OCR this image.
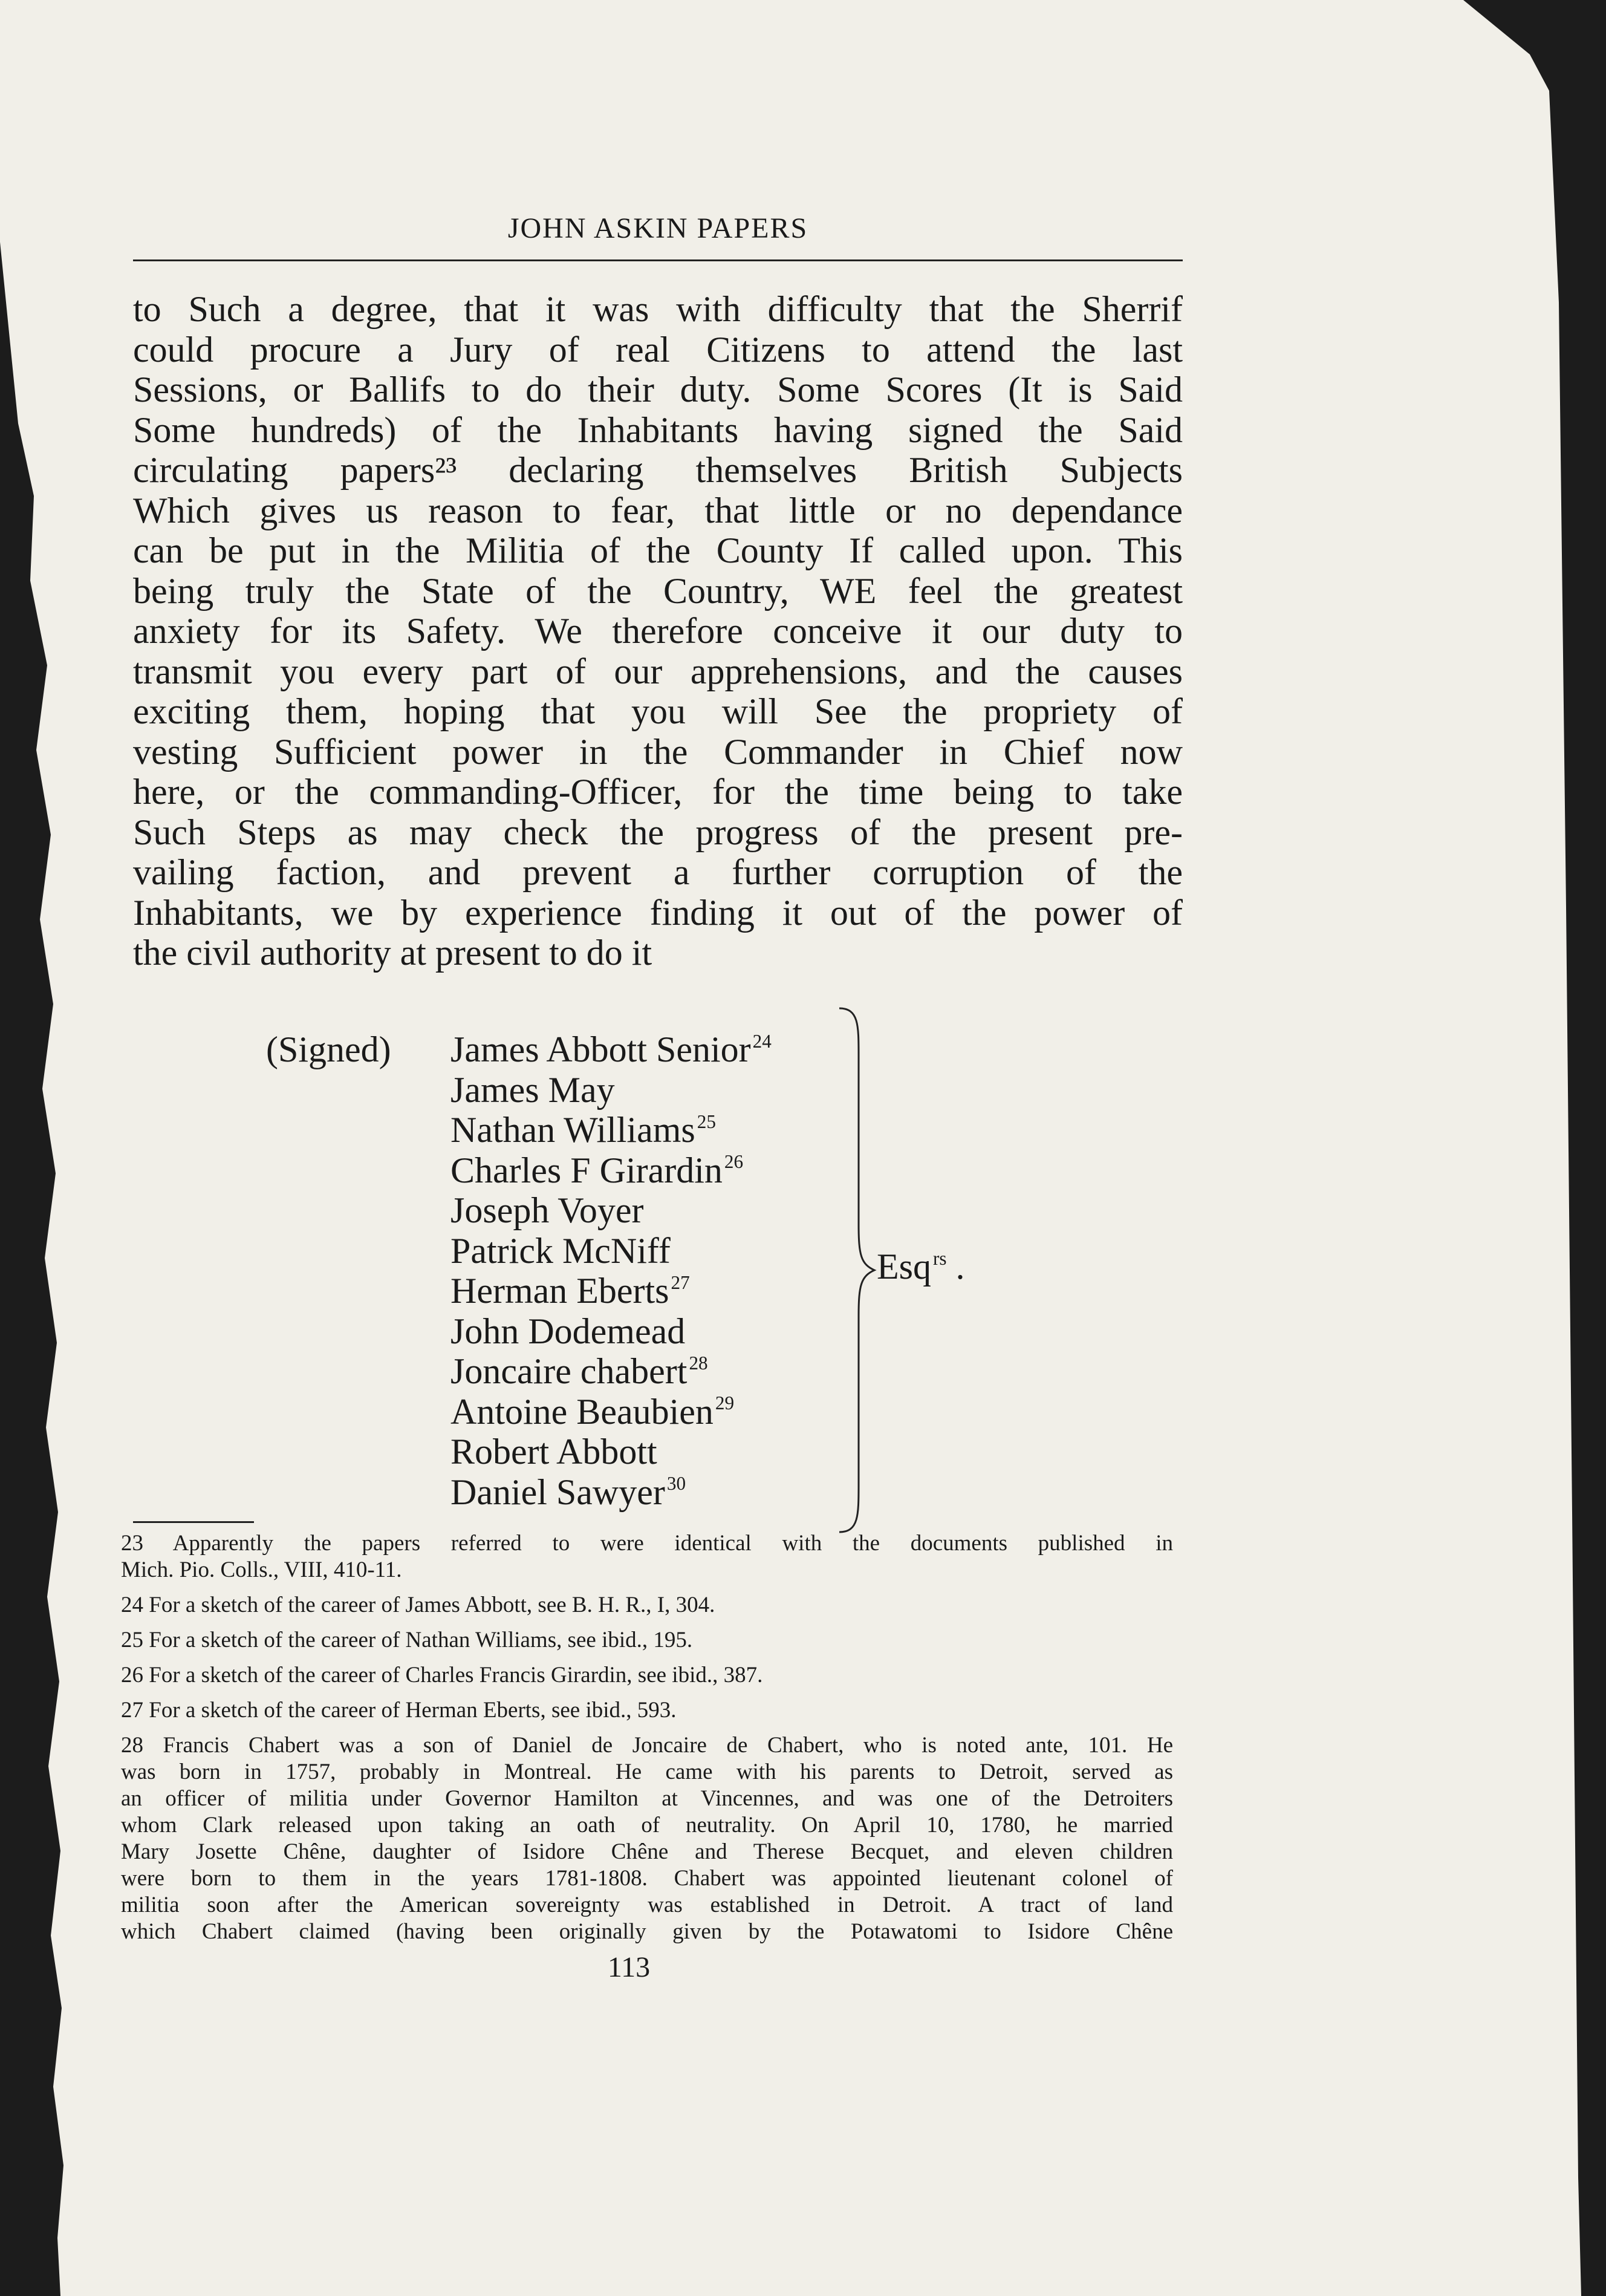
JOHN ASKIN PAPERS
to Such a degree, that it was with difficulty that the Sherrif
could procure a Jury of real Citizens to attend the last
Sessions, or Ballifs to do their duty. Some Scores (It is Said
Some hundreds) of the Inhabitants having signed the Said
circulating papers²³ declaring themselves British Subjects
Which gives us reason to fear, that little or no dependance
can be put in the Militia of the County If called upon. This
being truly the State of the Country, WE feel the greatest
anxiety for its Safety. We therefore conceive it our duty to
transmit you every part of our apprehensions, and the causes
exciting them, hoping that you will See the propriety of
vesting Sufficient power in the Commander in Chief now
here, or the commanding-Officer, for the time being to take
Such Steps as may check the progress of the present pre-
vailing faction, and prevent a further corruption of the
Inhabitants, we by experience finding it out of the power of
the civil authority at present to do it
(Signed) James Abbott Senior$^{24}$
James May
Nathan Williams$^{25}$
Charles F Girardin$^{26}$
Joseph Voyer
Patrick McNiff
Herman Eberts$^{27}$
John Dodemead
Joncaire chabert$^{28}$
Antoine Beaubien$^{29}$
Robert Abbott
Daniel Sawyer$^{30}$
Esq$^{rs}$ .
23 Apparently the papers referred to were identical with the documents published in
Mich. Pio. Colls., VIII, 410-11.
24 For a sketch of the career of James Abbott, see B. H. R., I, 304.
25 For a sketch of the career of Nathan Williams, see ibid., 195.
26 For a sketch of the career of Charles Francis Girardin, see ibid., 387.
27 For a sketch of the career of Herman Eberts, see ibid., 593.
28 Francis Chabert was a son of Daniel de Joncaire de Chabert, who is noted ante, 101. He
was born in 1757, probably in Montreal. He came with his parents to Detroit, served as
an officer of militia under Governor Hamilton at Vincennes, and was one of the Detroiters
whom Clark released upon taking an oath of neutrality. On April 10, 1780, he married
Mary Josette Chêne, daughter of Isidore Chêne and Therese Becquet, and eleven children
were born to them in the years 1781-1808. Chabert was appointed lieutenant colonel of
militia soon after the American sovereignty was established in Detroit. A tract of land
which Chabert claimed (having been originally given by the Potawatomi to Isidore Chêne
113
